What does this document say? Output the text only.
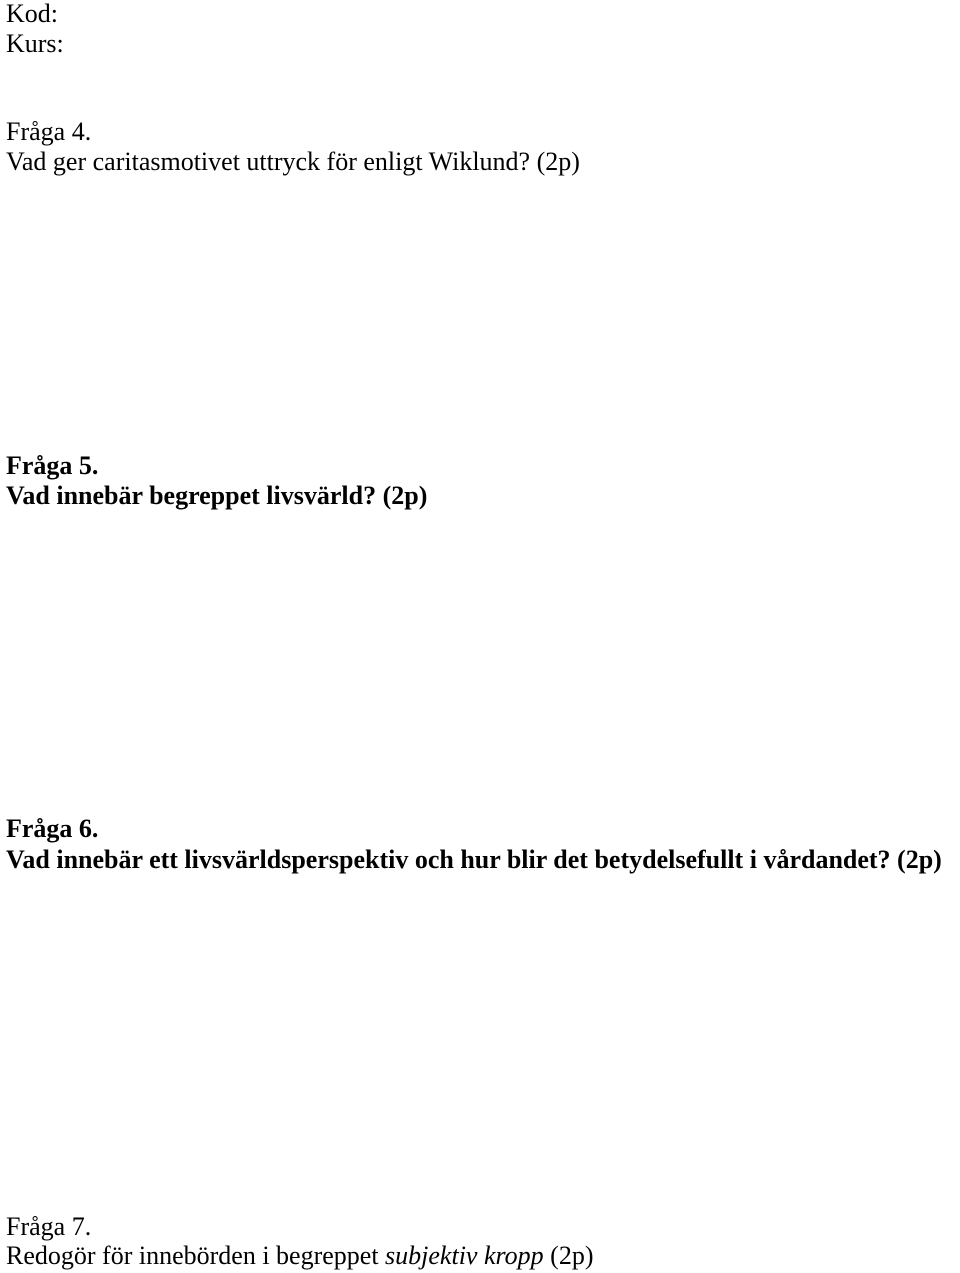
Kod:

Kurs:

Fråga 4.

Vad ger caritasmotivet uttryck för enligt Wiklund? (2p)

Fråga 5.

Vad innebär begreppet livsvärld? (2p)

Fråga 6.

Vad innebär ett livsvärldsperspektiv och hur blir det betydelsefullt i vårdandet? (2p)

Fråga 7.

Redogör för innebörden i begreppet subjektiv kropp (2p)
